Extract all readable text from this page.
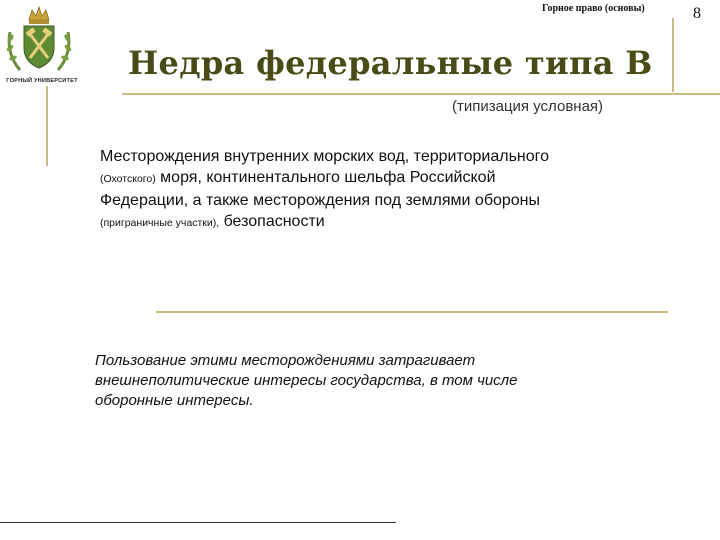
ГОРНЫЙ УНИВЕРСИТЕТ
Горное право (основы)	8
Недра федеральные типа В
(типизация условная)
Месторождения внутренних морских вод, территориального
(Охотского) моря, континентального шельфа Российской
Федерации, а также месторождения под землями обороны
(приграничные участки), безопасности
Пользование этими месторождениями затрагивает
внешнеполитические интересы государства, в том числе
оборонные интересы.
